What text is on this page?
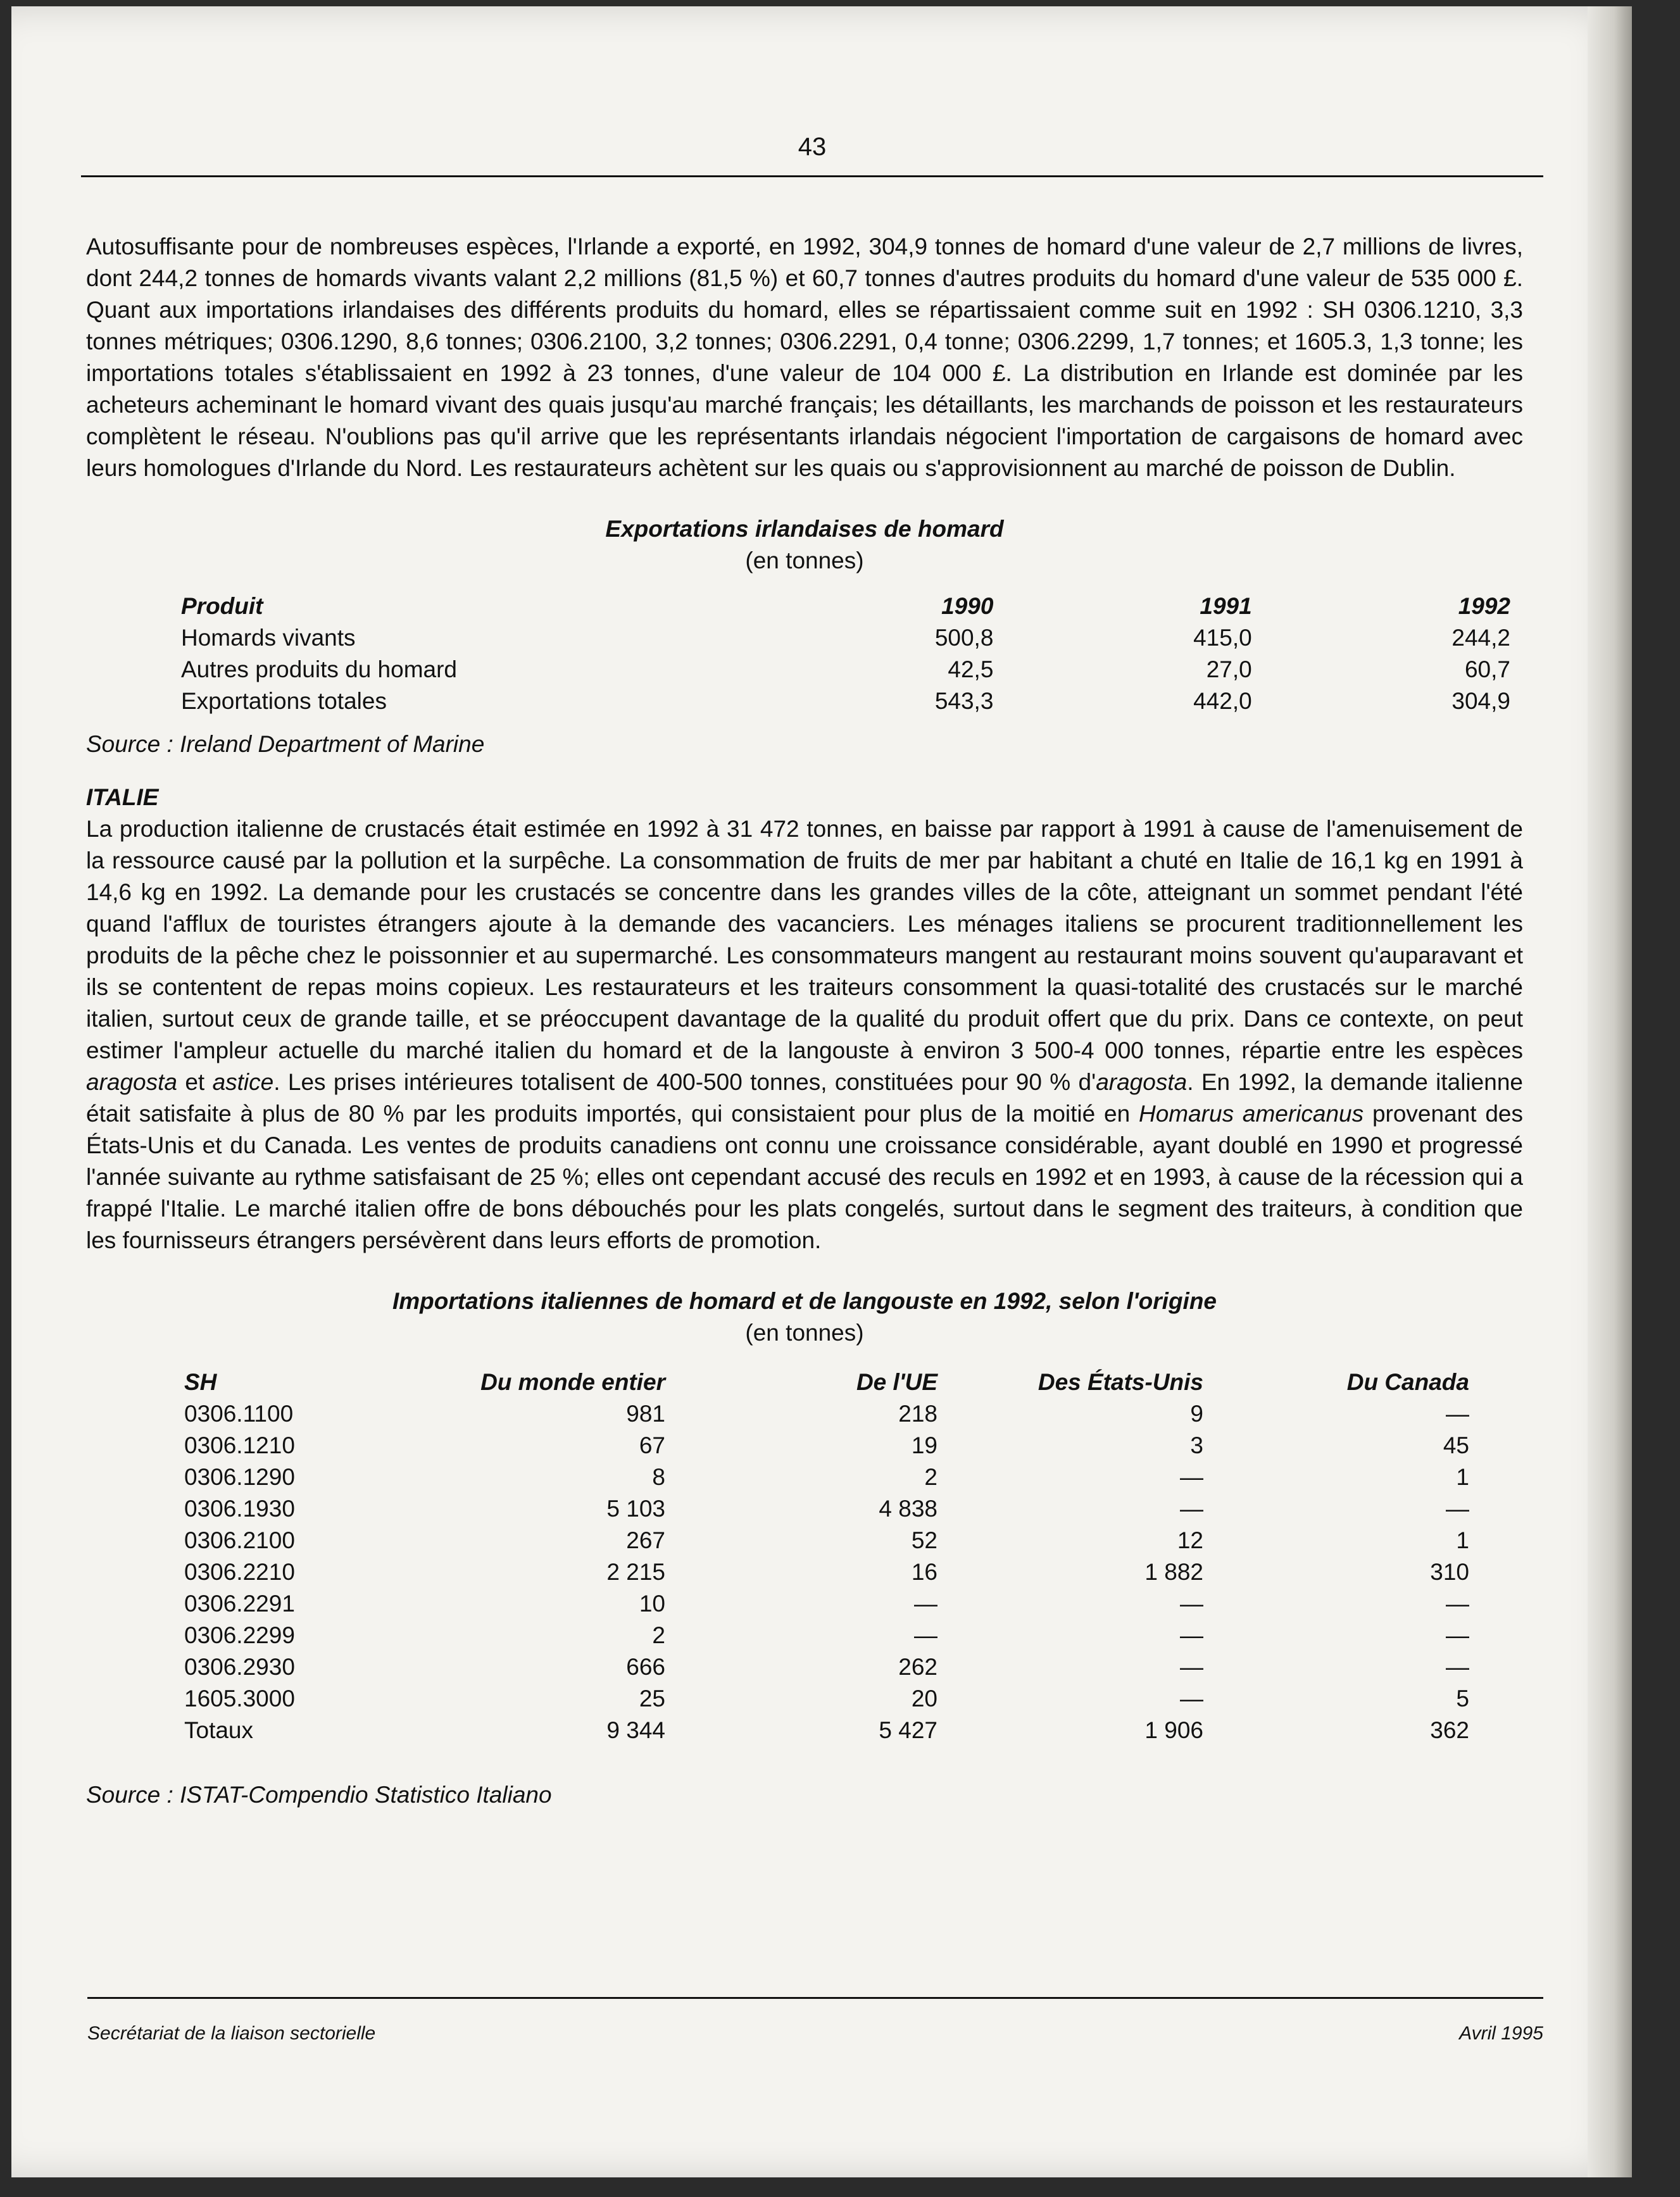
43

Autosuffisante pour de nombreuses espèces, l'Irlande a exporté, en 1992, 304,9 tonnes de homard d'une valeur de 2,7 millions de livres, dont 244,2 tonnes de homards vivants valant 2,2 millions (81,5 %) et 60,7 tonnes d'autres produits du homard d'une valeur de 535 000 £. Quant aux importations irlandaises des différents produits du homard, elles se répartissaient comme suit en 1992 : SH 0306.1210, 3,3 tonnes métriques; 0306.1290, 8,6 tonnes; 0306.2100, 3,2 tonnes; 0306.2291, 0,4 tonne; 0306.2299, 1,7 tonnes; et 1605.3, 1,3 tonne; les importations totales s'établissaient en 1992 à 23 tonnes, d'une valeur de 104 000 £. La distribution en Irlande est dominée par les acheteurs acheminant le homard vivant des quais jusqu'au marché français; les détaillants, les marchands de poisson et les restaurateurs complètent le réseau. N'oublions pas qu'il arrive que les représentants irlandais négocient l'importation de cargaisons de homard avec leurs homologues d'Irlande du Nord. Les restaurateurs achètent sur les quais ou s'approvisionnent au marché de poisson de Dublin.

Exportations irlandaises de homard
(en tonnes)
Produit	1990	1991	1992
Homards vivants	500,8	415,0	244,2
Autres produits du homard	42,5	27,0	60,7
Exportations totales	543,3	442,0	304,9
Source : Ireland Department of Marine
ITALIE

La production italienne de crustacés était estimée en 1992 à 31 472 tonnes, en baisse par rapport à 1991 à cause de l'amenuisement de la ressource causé par la pollution et la surpêche. La consommation de fruits de mer par habitant a chuté en Italie de 16,1 kg en 1991 à 14,6 kg en 1992. La demande pour les crustacés se concentre dans les grandes villes de la côte, atteignant un sommet pendant l'été quand l'afflux de touristes étrangers ajoute à la demande des vacanciers. Les ménages italiens se procurent traditionnellement les produits de la pêche chez le poissonnier et au supermarché. Les consommateurs mangent au restaurant moins souvent qu'auparavant et ils se contentent de repas moins copieux. Les restaurateurs et les traiteurs consomment la quasi-totalité des crustacés sur le marché italien, surtout ceux de grande taille, et se préoccupent davantage de la qualité du produit offert que du prix. Dans ce contexte, on peut estimer l'ampleur actuelle du marché italien du homard et de la langouste à environ 3 500-4 000 tonnes, répartie entre les espèces aragosta et astice. Les prises intérieures totalisent de 400-500 tonnes, constituées pour 90 % d'aragosta. En 1992, la demande italienne était satisfaite à plus de 80 % par les produits importés, qui consistaient pour plus de la moitié en Homarus americanus provenant des États-Unis et du Canada. Les ventes de produits canadiens ont connu une croissance considérable, ayant doublé en 1990 et progressé l'année suivante au rythme satisfaisant de 25 %; elles ont cependant accusé des reculs en 1992 et en 1993, à cause de la récession qui a frappé l'Italie. Le marché italien offre de bons débouchés pour les plats congelés, surtout dans le segment des traiteurs, à condition que les fournisseurs étrangers persévèrent dans leurs efforts de promotion.

Importations italiennes de homard et de langouste en 1992, selon l'origine
(en tonnes)
SH	Du monde entier	De l'UE	Des États-Unis	Du Canada
0306.1100	981	218	9	—
0306.1210	67	19	3	45
0306.1290	8	2	—	1
0306.1930	5 103	4 838	—	—
0306.2100	267	52	12	1
0306.2210	2 215	16	1 882	310
0306.2291	10	—	—	—
0306.2299	2	—	—	—
0306.2930	666	262	—	—
1605.3000	25	20	—	5
Totaux	9 344	5 427	1 906	362
Source : ISTAT-Compendio Statistico Italiano
Secrétariat de la liaison sectorielle	Avril 1995
